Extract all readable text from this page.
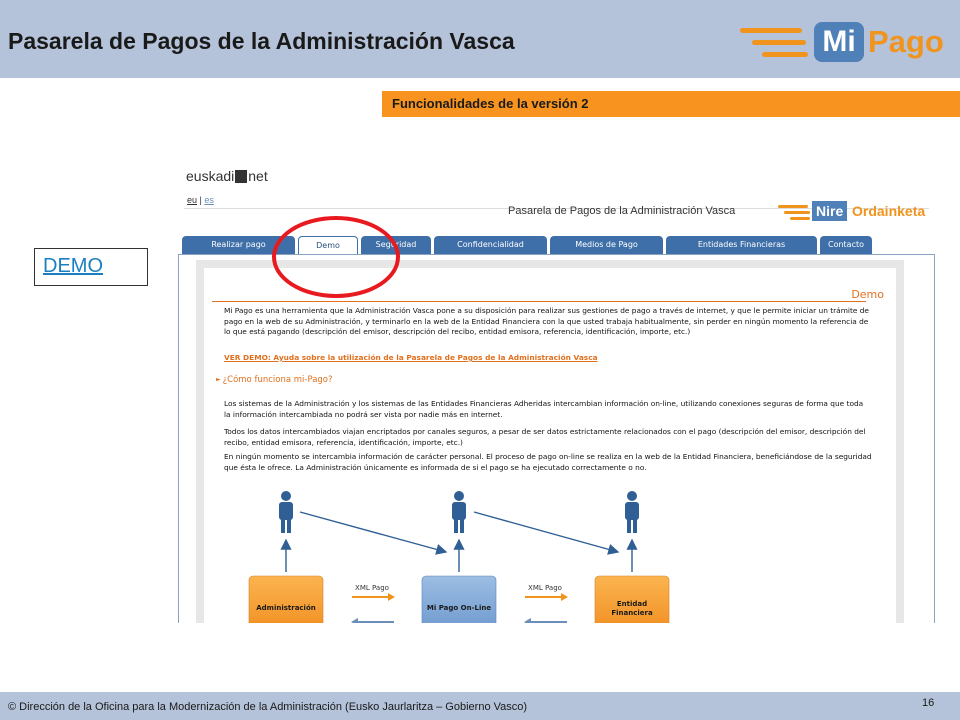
Pasarela de Pagos de la Administración Vasca	Mi Pago
Funcionalidades de la versión 2
DEMO
euskadi net
eu | es
Pasarela de Pagos de la Administración Vasca	Nire Ordainketa
Realizar pago	Demo	Seguridad	Confidencialidad	Medios de Pago	Entidades Financieras	Contacto
Demo
Mi Pago es una herramienta que la Administración Vasca pone a su disposición para realizar sus gestiones de pago a través de internet, y que le permite iniciar un trámite de pago en la web de su Administración, y terminarlo en la web de la Entidad Financiera con la que usted trabaja habitualmente, sin perder en ningún momento la referencia de lo que está pagando (descripción del emisor, descripción del recibo, entidad emisora, referencia, identificación, importe, etc.)
VER DEMO: Ayuda sobre la utilización de la Pasarela de Pagos de la Administración Vasca
► ¿Cómo funciona mi-Pago?
Los sistemas de la Administración y los sistemas de las Entidades Financieras Adheridas intercambian información on-line, utilizando conexiones seguras de forma que toda la información intercambiada no podrá ser vista por nadie más en internet.
Todos los datos intercambiados viajan encriptados por canales seguros, a pesar de ser datos estrictamente relacionados con el pago (descripción del emisor, descripción del recibo, entidad emisora, referencia, identificación, importe, etc.)
En ningún momento se intercambia información de carácter personal. El proceso de pago on-line se realiza en la web de la Entidad Financiera, beneficiándose de la seguridad que ésta le ofrece. La Administración únicamente es informada de si el pago se ha ejecutado correctamente o no.
Administración	Mi Pago On-Line	Entidad Financiera
XML Pago	XML Pago
© Dirección de la Oficina para la Modernización de la Administración (Eusko Jaurlaritza – Gobierno Vasco)	16
